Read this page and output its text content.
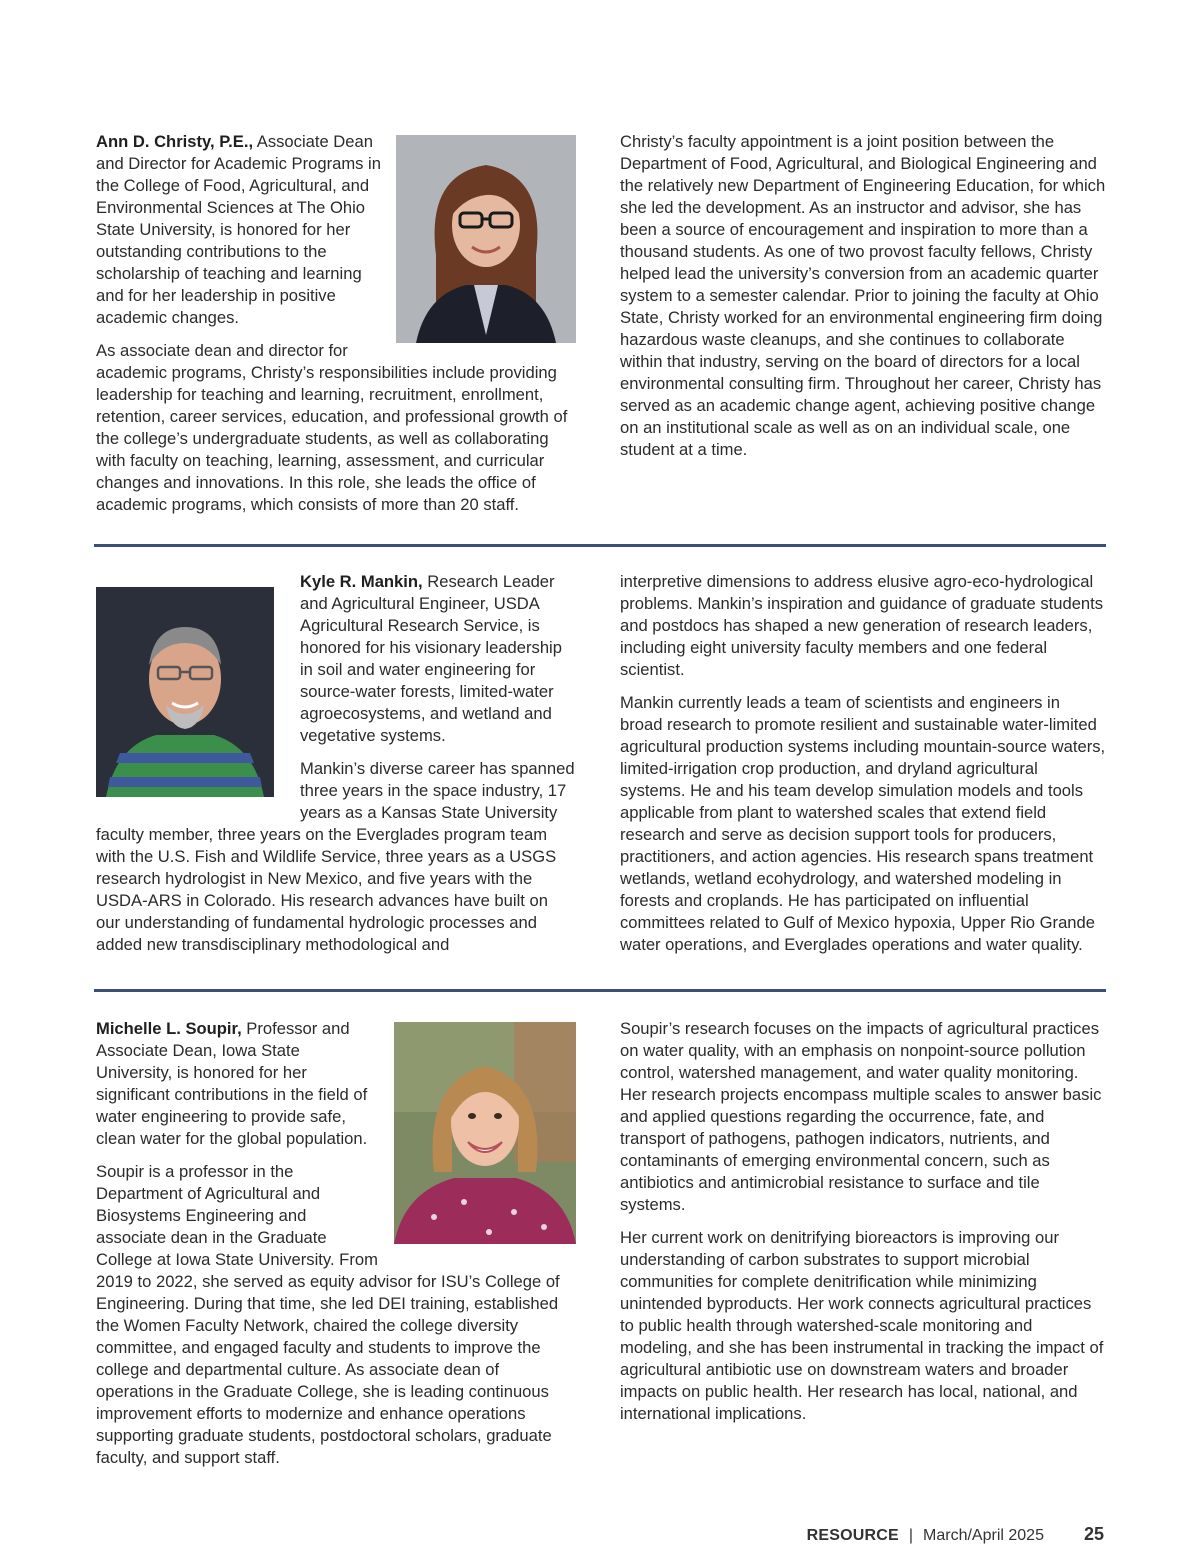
Ann D. Christy, P.E., Associate Dean and Director for Academic Programs in the College of Food, Agricultural, and Environmental Sciences at The Ohio State University, is honored for her outstanding contributions to the scholarship of teaching and learning and for her leadership in positive academic changes.

As associate dean and director for academic programs, Christy’s responsibilities include providing leadership for teaching and learning, recruitment, enrollment, retention, career services, education, and professional growth of the college’s undergraduate students, as well as collaborating with faculty on teaching, learning, assessment, and curricular changes and innovations. In this role, she leads the office of academic programs, which consists of more than 20 staff.

Christy’s faculty appointment is a joint position between the Department of Food, Agricultural, and Biological Engineering and the relatively new Department of Engineering Education, for which she led the development. As an instructor and advisor, she has been a source of encouragement and inspiration to more than a thousand students. As one of two provost faculty fellows, Christy helped lead the university’s conversion from an academic quarter system to a semester calendar. Prior to joining the faculty at Ohio State, Christy worked for an environmental engineering firm doing hazardous waste cleanups, and she continues to collaborate within that industry, serving on the board of directors for a local environmental consulting firm. Throughout her career, Christy has served as an academic change agent, achieving positive change on an institutional scale as well as on an individual scale, one student at a time.

Kyle R. Mankin, Research Leader and Agricultural Engineer, USDA Agricultural Research Service, is honored for his visionary leadership in soil and water engineering for source-water forests, limited-water agroecosystems, and wetland and vegetative systems.

Mankin’s diverse career has spanned three years in the space industry, 17 years as a Kansas State University faculty member, three years on the Everglades program team with the U.S. Fish and Wildlife Service, three years as a USGS research hydrologist in New Mexico, and five years with the USDA-ARS in Colorado. His research advances have built on our understanding of fundamental hydrologic processes and added new transdisciplinary methodological and

interpretive dimensions to address elusive agro-eco-hydrological problems. Mankin’s inspiration and guidance of graduate students and postdocs has shaped a new generation of research leaders, including eight university faculty members and one federal scientist.

Mankin currently leads a team of scientists and engineers in broad research to promote resilient and sustainable water-limited agricultural production systems including mountain-source waters, limited-irrigation crop production, and dryland agricultural systems. He and his team develop simulation models and tools applicable from plant to watershed scales that extend field research and serve as decision support tools for producers, practitioners, and action agencies. His research spans treatment wetlands, wetland ecohydrology, and watershed modeling in forests and croplands. He has participated on influential committees related to Gulf of Mexico hypoxia, Upper Rio Grande water operations, and Everglades operations and water quality.

Michelle L. Soupir, Professor and Associate Dean, Iowa State University, is honored for her significant contributions in the field of water engineering to provide safe, clean water for the global population.

Soupir is a professor in the Department of Agricultural and Biosystems Engineering and associate dean in the Graduate College at Iowa State University. From 2019 to 2022, she served as equity advisor for ISU’s College of Engineering. During that time, she led DEI training, established the Women Faculty Network, chaired the college diversity committee, and engaged faculty and students to improve the college and departmental culture. As associate dean of operations in the Graduate College, she is leading continuous improvement efforts to modernize and enhance operations supporting graduate students, postdoctoral scholars, graduate faculty, and support staff.

Soupir’s research focuses on the impacts of agricultural practices on water quality, with an emphasis on nonpoint-source pollution control, watershed management, and water quality monitoring. Her research projects encompass multiple scales to answer basic and applied questions regarding the occurrence, fate, and transport of pathogens, pathogen indicators, nutrients, and contaminants of emerging environmental concern, such as antibiotics and antimicrobial resistance to surface and tile systems.

Her current work on denitrifying bioreactors is improving our understanding of carbon substrates to support microbial communities for complete denitrification while minimizing unintended byproducts. Her work connects agricultural practices to public health through watershed-scale monitoring and modeling, and she has been instrumental in tracking the impact of agricultural antibiotic use on downstream waters and broader impacts on public health. Her research has local, national, and international implications.

RESOURCE | March/April 2025 25
